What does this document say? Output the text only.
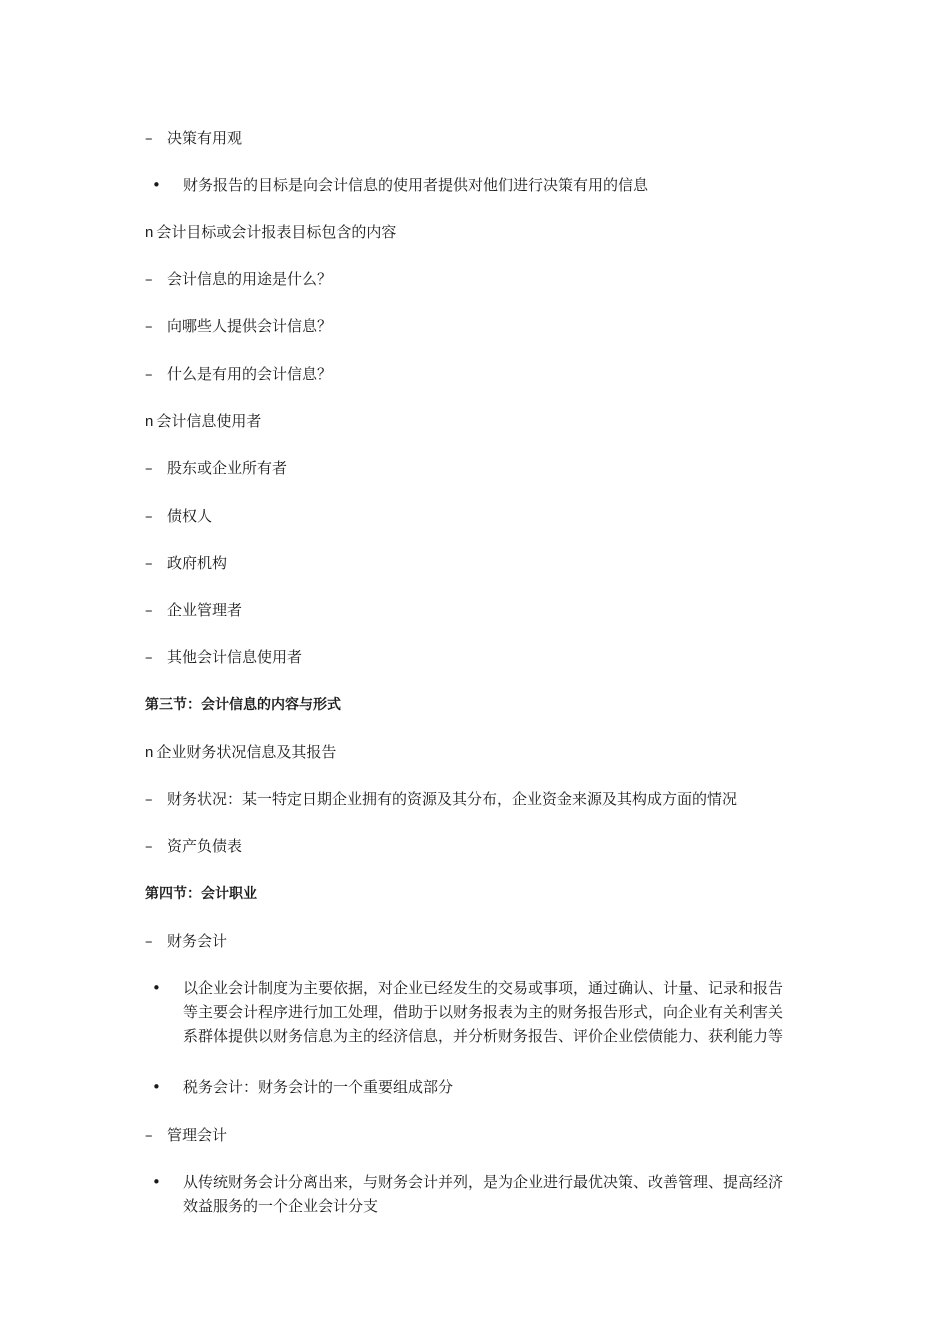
– 决策有用观
• 财务报告的目标是向会计信息的使用者提供对他们进行决策有用的信息
n 会计目标或会计报表目标包含的内容
– 会计信息的用途是什么？
– 向哪些人提供会计信息？
– 什么是有用的会计信息？
n 会计信息使用者
– 股东或企业所有者
– 债权人
– 政府机构
– 企业管理者
– 其他会计信息使用者
第三节：会计信息的内容与形式
n 企业财务状况信息及其报告
– 财务状况：某一特定日期企业拥有的资源及其分布，企业资金来源及其构成方面的情况
– 资产负债表
第四节：会计职业
– 财务会计
• 以企业会计制度为主要依据，对企业已经发生的交易或事项，通过确认、计量、记录和报告等主要会计程序进行加工处理，借助于以财务报表为主的财务报告形式，向企业有关利害关系群体提供以财务信息为主的经济信息，并分析财务报告、评价企业偿债能力、获利能力等
• 税务会计：财务会计的一个重要组成部分
– 管理会计
• 从传统财务会计分离出来，与财务会计并列，是为企业进行最优决策、改善管理、提高经济效益服务的一个企业会计分支
